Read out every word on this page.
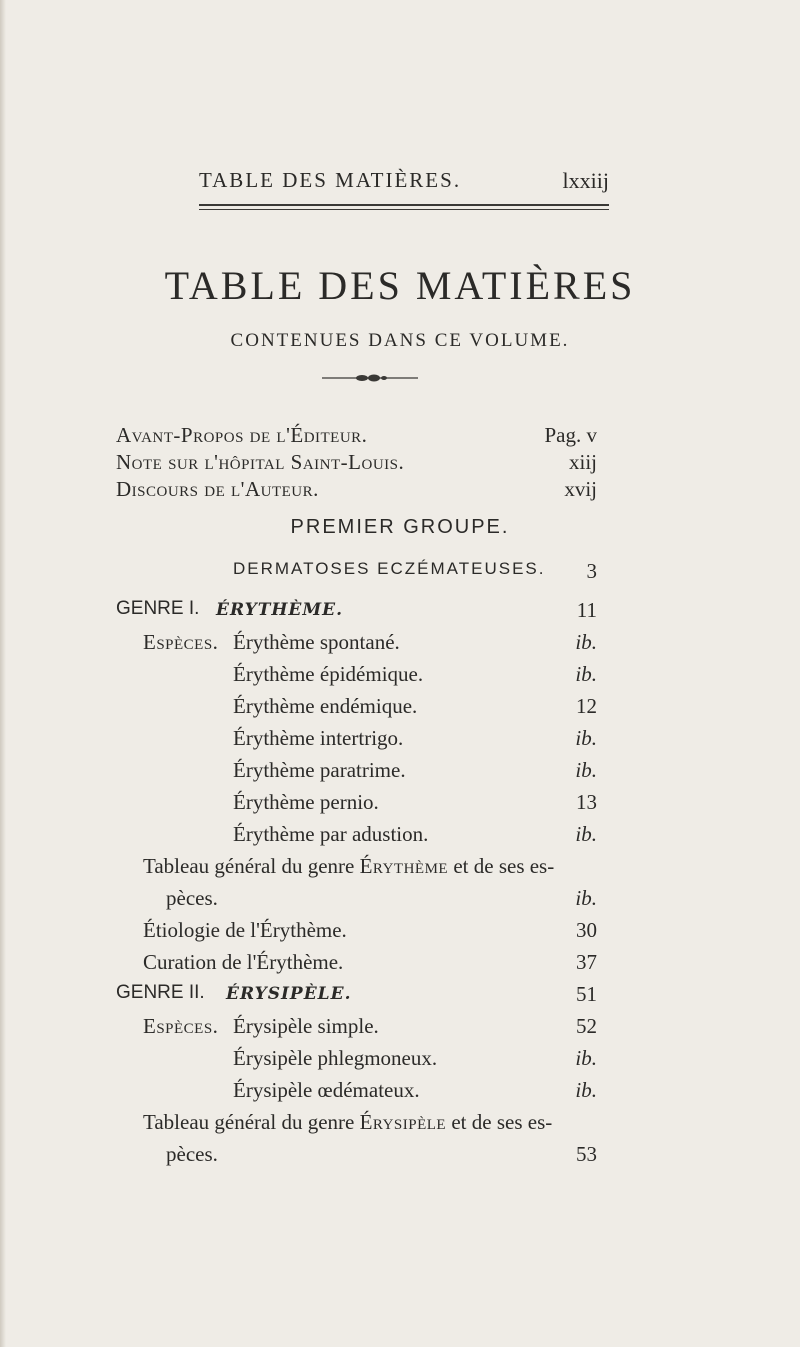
TABLE DES MATIÈRES.	lxxiij
TABLE DES MATIÈRES
CONTENUES DANS CE VOLUME.
Avant-Propos de l'Éditeur.	Pag. v
Note sur l'hôpital Saint-Louis.	xiij
Discours de l'Auteur.	xvij
PREMIER GROUPE.
DERMATOSES ECZÉMATEUSES. 3
GENRE I. ÉRYTHÈME.	11
Espèces. Érythème spontané.	ib.
Érythème épidémique.	ib.
Érythème endémique.	12
Érythème intertrigo.	ib.
Érythème paratrime.	ib.
Érythème pernio.	13
Érythème par adustion.	ib.
Tableau général du genre Érythème et de ses es-
pèces.	ib.
Étiologie de l'Érythème.	30
Curation de l'Érythème.	37
GENRE II. ÉRYSIPÈLE.	51
Espèces. Érysipèle simple.	52
Érysipèle phlegmoneux.	ib.
Érysipèle œdémateux.	ib.
Tableau général du genre Érysipèle et de ses es-
pèces.	53
